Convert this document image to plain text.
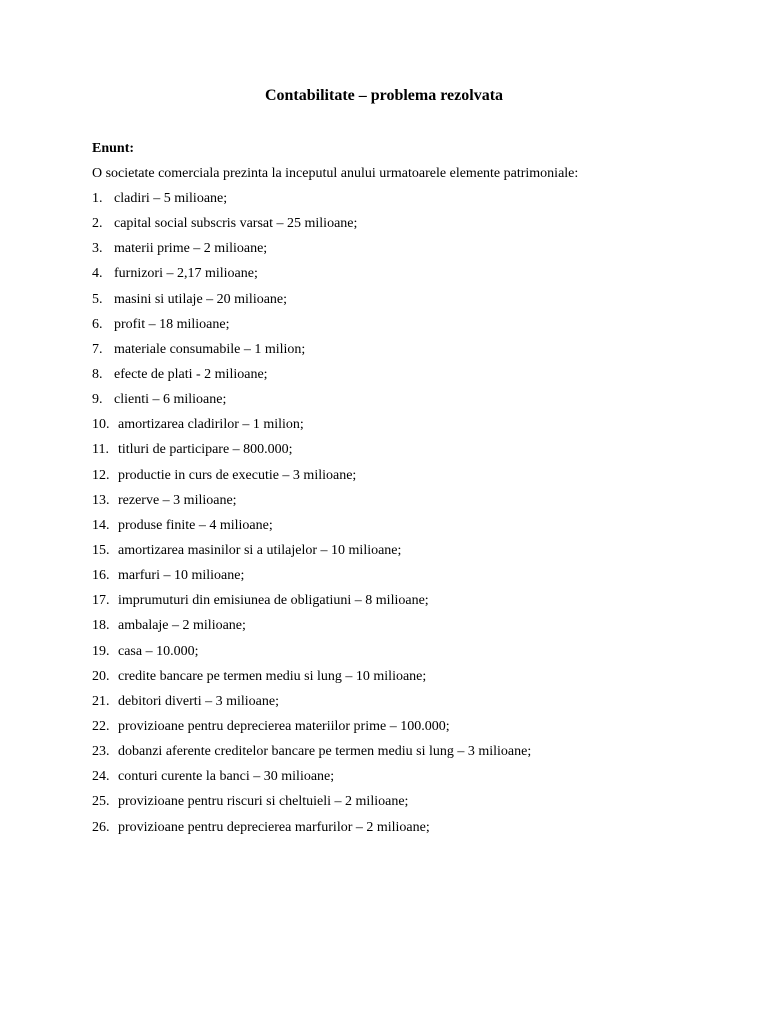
Contabilitate – problema rezolvata
Enunt:
O societate comerciala prezinta la inceputul anului urmatoarele elemente patrimoniale:
1. cladiri – 5 milioane;
2. capital social subscris varsat – 25 milioane;
3. materii prime – 2 milioane;
4. furnizori – 2,17 milioane;
5. masini si utilaje – 20 milioane;
6. profit – 18 milioane;
7. materiale consumabile – 1 milion;
8. efecte de plati - 2 milioane;
9. clienti – 6 milioane;
10. amortizarea cladirilor – 1 milion;
11. titluri de participare – 800.000;
12. productie in curs de executie – 3 milioane;
13. rezerve – 3 milioane;
14. produse finite – 4 milioane;
15. amortizarea masinilor si a utilajelor – 10 milioane;
16. marfuri – 10 milioane;
17. imprumuturi din emisiunea de obligatiuni – 8 milioane;
18. ambalaje – 2 milioane;
19. casa – 10.000;
20. credite bancare pe termen mediu si lung – 10 milioane;
21. debitori diverti – 3 milioane;
22. provizioane pentru deprecierea materiilor prime – 100.000;
23. dobanzi aferente creditelor bancare pe termen mediu si lung – 3 milioane;
24. conturi curente la banci – 30 milioane;
25. provizioane pentru riscuri si cheltuieli – 2 milioane;
26. provizioane pentru deprecierea marfurilor – 2 milioane;
